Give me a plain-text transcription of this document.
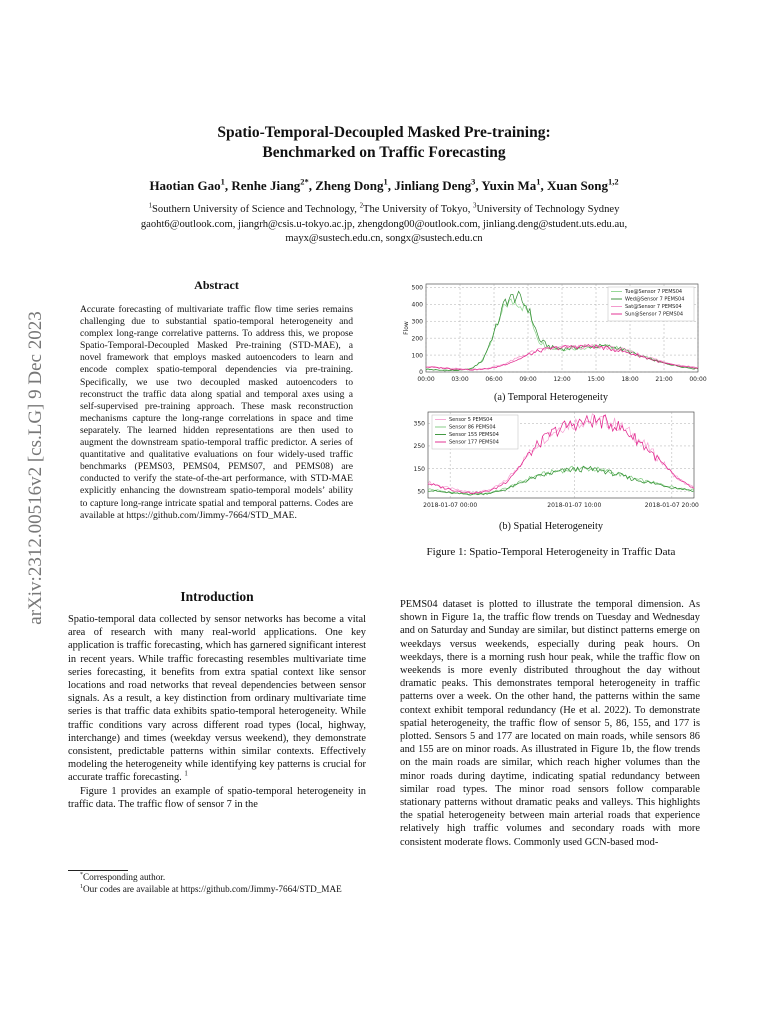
arXiv:2312.00516v2 [cs.LG] 9 Dec 2023
Spatio-Temporal-Decoupled Masked Pre-training:
Benchmarked on Traffic Forecasting
Haotian Gao$^1$, Renhe Jiang$^{2*}$, Zheng Dong$^1$, Jinliang Deng$^3$, Yuxin Ma$^1$, Xuan Song$^{1,2}$
$^1$Southern University of Science and Technology, $^2$The University of Tokyo, $^3$University of Technology Sydney
gaoht6@outlook.com, jiangrh@csis.u-tokyo.ac.jp, zhengdong00@outlook.com, jinliang.deng@student.uts.edu.au,
mayx@sustech.edu.cn, songx@sustech.edu.cn
Abstract
Accurate forecasting of multivariate traffic flow time series remains challenging due to substantial spatio-temporal heterogeneity and complex long-range correlative patterns. To address this, we propose Spatio-Temporal-Decoupled Masked Pre-training (STD-MAE), a novel framework that employs masked autoencoders to learn and encode complex spatio-temporal dependencies via pre-training. Specifically, we use two decoupled masked autoencoders to reconstruct the traffic data along spatial and temporal axes using a self-supervised pre-training approach. These mask reconstruction mechanisms capture the long-range correlations in space and time separately. The learned hidden representations are then used to augment the downstream spatio-temporal traffic predictor. A series of quantitative and qualitative evaluations on four widely-used traffic benchmarks (PEMS03, PEMS04, PEMS07, and PEMS08) are conducted to verify the state-of-the-art performance, with STD-MAE explicitly enhancing the downstream spatio-temporal models’ ability to capture long-range intricate spatial and temporal patterns. Codes are available at https://github.com/Jimmy-7664/STD_MAE.
Introduction

Spatio-temporal data collected by sensor networks has become a vital area of research with many real-world applications. One key application is traffic forecasting, which has garnered significant interest in recent years. While traffic forecasting resembles multivariate time series forecasting, it benefits from extra spatial context like sensor locations and road networks that reveal dependencies between sensor signals. As a result, a key distinction from ordinary multivariate time series is that traffic data exhibits spatio-temporal heterogeneity. While traffic conditions vary across different road types (local, highway, interchange) and times (weekday versus weekend), they demonstrate consistent, predictable patterns within similar contexts. Effectively modeling the heterogeneity while identifying key patterns is crucial for accurate traffic forecasting. $^1$

Figure 1 provides an example of spatio-temporal heterogeneity in traffic data. The traffic flow of sensor 7 in the

*Corresponding author.
$^1$Our codes are available at https://github.com/Jimmy-7664/STD_MAE

PEMS04 dataset is plotted to illustrate the temporal dimension. As shown in Figure 1a, the traffic flow trends on Tuesday and Wednesday and on Saturday and Sunday are similar, but distinct patterns emerge on weekdays versus weekends, especially during peak hours. On weekdays, there is a morning rush hour peak, while the traffic flow on weekends is more evenly distributed throughout the day without dramatic peaks. This demonstrates temporal heterogeneity in traffic patterns over a week. On the other hand, the patterns within the same context exhibit temporal redundancy (He et al. 2022). To demonstrate spatial heterogeneity, the traffic flow of sensor 5, 86, 155, and 177 is plotted. Sensors 5 and 177 are located on main roads, while sensors 86 and 155 are on minor roads. As illustrated in Figure 1b, the flow trends on the main roads are similar, which reach higher volumes than the minor roads during daytime, indicating spatial redundancy between similar road types. The minor road sensors follow comparable stationary patterns without dramatic peaks and valleys. This highlights the spatial heterogeneity between main arterial roads that experience relatively high traffic volumes and secondary roads with more consistent moderate flows. Commonly used GCN-based mod-

0
100
200
300
400
500
00:00	03:00	06:00	09:00	12:00	15:00	18:00	21:00	00:00
Flow
Tue@Sensor 7 PEMS04
Wed@Sensor 7 PEMS04
Sat@Sensor 7 PEMS04
Sun@Sensor 7 PEMS04
(a) Temporal Heterogeneity
50
150
250
350
2018-01-07 00:00	2018-01-07 10:00	2018-01-07 20:00
Sensor 5 PEMS04
Sensor 86 PEMS04
Sensor 155 PEMS04
Sensor 177 PEMS04
(b) Spatial Heterogeneity
Figure 1: Spatio-Temporal Heterogeneity in Traffic Data
